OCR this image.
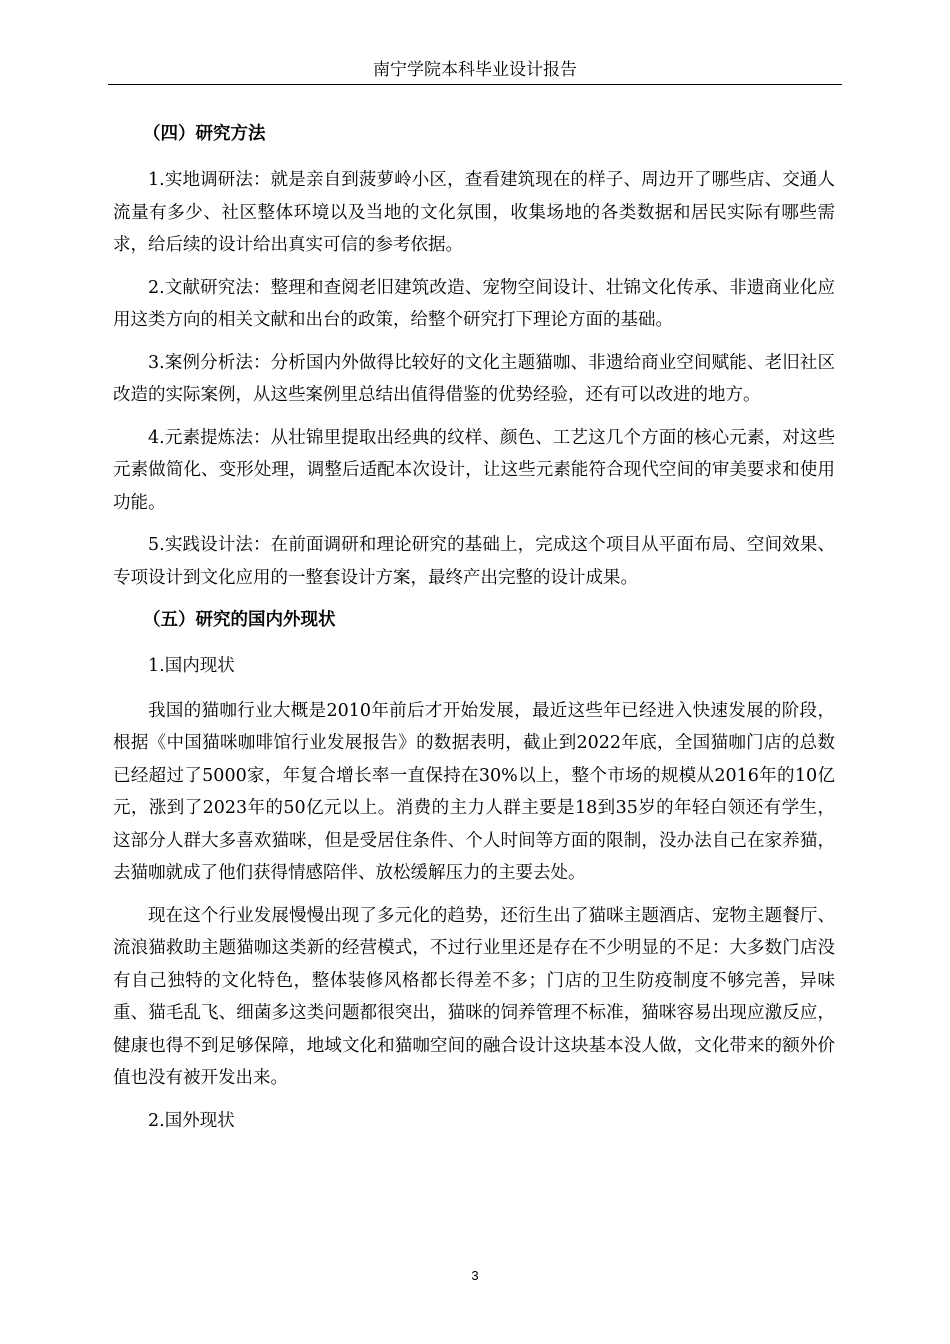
南宁学院本科毕业设计报告

（四）研究方法

1.实地调研法：就是亲自到菠萝岭小区，查看建筑现在的样子、周边开了哪些店、交通人流量有多少、社区整体环境以及当地的文化氛围，收集场地的各类数据和居民实际有哪些需求，给后续的设计给出真实可信的参考依据。

2.文献研究法：整理和查阅老旧建筑改造、宠物空间设计、壮锦文化传承、非遗商业化应用这类方向的相关文献和出台的政策，给整个研究打下理论方面的基础。

3.案例分析法：分析国内外做得比较好的文化主题猫咖、非遗给商业空间赋能、老旧社区改造的实际案例，从这些案例里总结出值得借鉴的优势经验，还有可以改进的地方。

4.元素提炼法：从壮锦里提取出经典的纹样、颜色、工艺这几个方面的核心元素，对这些元素做简化、变形处理，调整后适配本次设计，让这些元素能符合现代空间的审美要求和使用功能。

5.实践设计法：在前面调研和理论研究的基础上，完成这个项目从平面布局、空间效果、专项设计到文化应用的一整套设计方案，最终产出完整的设计成果。

（五）研究的国内外现状

1.国内现状

我国的猫咖行业大概是2010年前后才开始发展，最近这些年已经进入快速发展的阶段，根据《中国猫咪咖啡馆行业发展报告》的数据表明，截止到2022年底，全国猫咖门店的总数已经超过了5000家，年复合增长率一直保持在30%以上，整个市场的规模从2016年的10亿元，涨到了2023年的50亿元以上。消费的主力人群主要是18到35岁的年轻白领还有学生，这部分人群大多喜欢猫咪，但是受居住条件、个人时间等方面的限制，没办法自己在家养猫，去猫咖就成了他们获得情感陪伴、放松缓解压力的主要去处。

现在这个行业发展慢慢出现了多元化的趋势，还衍生出了猫咪主题酒店、宠物主题餐厅、流浪猫救助主题猫咖这类新的经营模式，不过行业里还是存在不少明显的不足：大多数门店没有自己独特的文化特色，整体装修风格都长得差不多；门店的卫生防疫制度不够完善，异味重、猫毛乱飞、细菌多这类问题都很突出，猫咪的饲养管理不标准，猫咪容易出现应激反应，健康也得不到足够保障，地域文化和猫咖空间的融合设计这块基本没人做，文化带来的额外价值也没有被开发出来。

2.国外现状

3
